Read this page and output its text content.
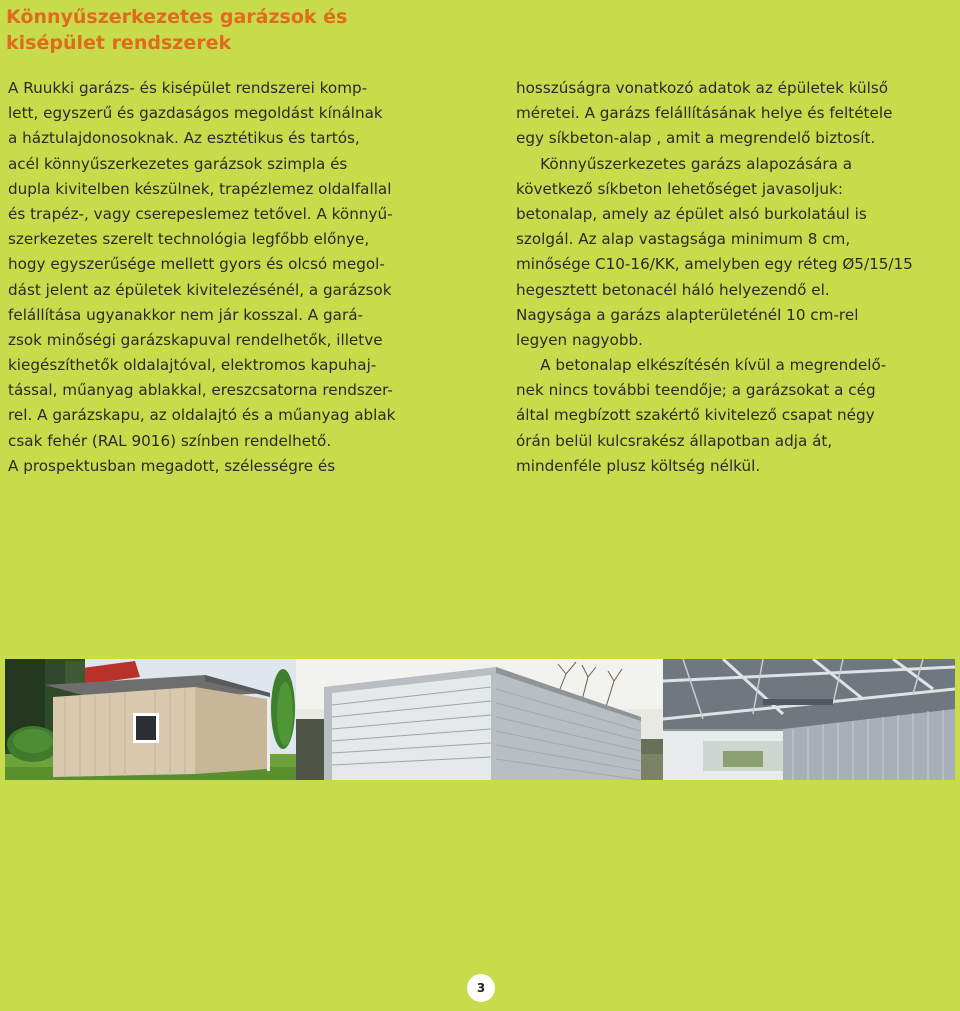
Könnyűszerkezetes garázsok és
kisépület rendszerek
A Ruukki garázs- és kisépület rendszerei komp-
lett, egyszerű és gazdaságos megoldást kínálnak
a háztulajdonosoknak. Az esztétikus és tartós,
acél könnyűszerkezetes garázsok szimpla és
dupla kivitelben készülnek, trapézlemez oldalfallal
és trapéz-, vagy cserepeslemez tetővel. A könnyű-
szerkezetes szerelt technológia legfőbb előnye,
hogy egyszerűsége mellett gyors és olcsó megol-
dást jelent az épületek kivitelezésénél, a garázsok
felállítása ugyanakkor nem jár kosszal. A gará-
zsok minőségi garázskapuval rendelhetők, illetve
kiegészíthetők oldalajtóval, elektromos kapuhaj-
tással, műanyag ablakkal, ereszcsatorna rendszer-
rel. A garázskapu, az oldalajtó és a műanyag ablak
csak fehér (RAL 9016) színben rendelhető.
A prospektusban megadott, szélességre és
hosszúságra vonatkozó adatok az épületek külső
méretei. A garázs felállításának helye és feltétele
egy síkbeton-alap , amit a megrendelő biztosít.
Könnyűszerkezetes garázs alapozására a
következő síkbeton lehetőséget javasoljuk:
betonalap, amely az épület alsó burkolatául is
szolgál. Az alap vastagsága minimum 8 cm,
minősége C10-16/KK, amelyben egy réteg Ø5/15/15
hegesztett betonacél háló helyezendő el.
Nagysága a garázs alapterületénél 10 cm-rel
legyen nagyobb.
A betonalap elkészítésén kívül a megrendelő-
nek nincs további teendője; a garázsokat a cég
által megbízott szakértő kivitelező csapat négy
órán belül kulcsrakész állapotban adja át,
mindenféle plusz költség nélkül.
3
